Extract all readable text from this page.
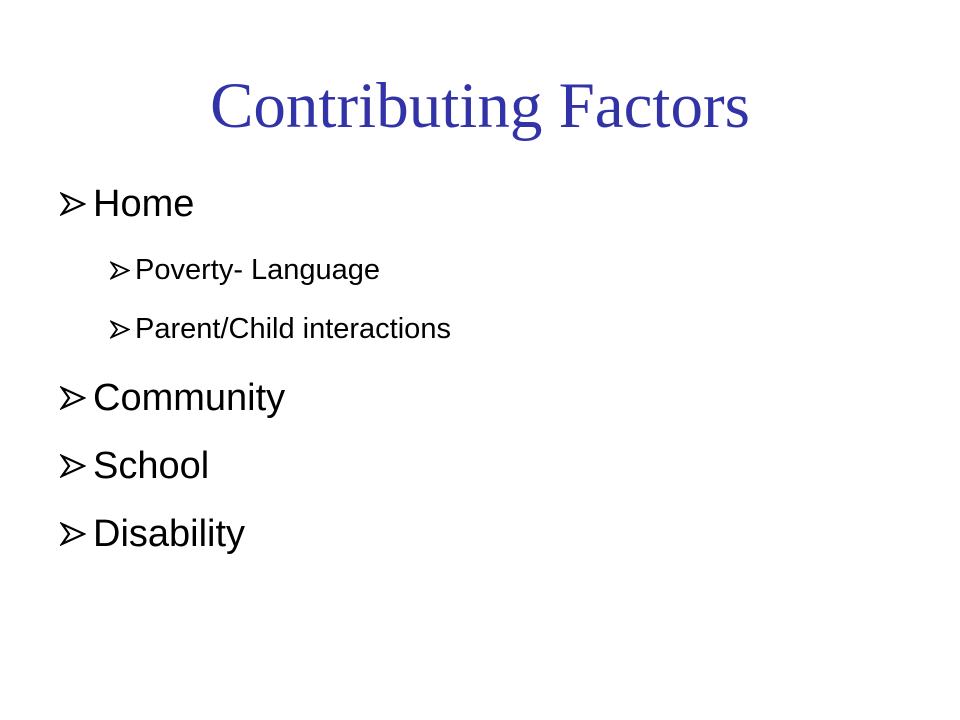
Contributing Factors
Home
Poverty- Language
Parent/Child interactions
Community
School
Disability
